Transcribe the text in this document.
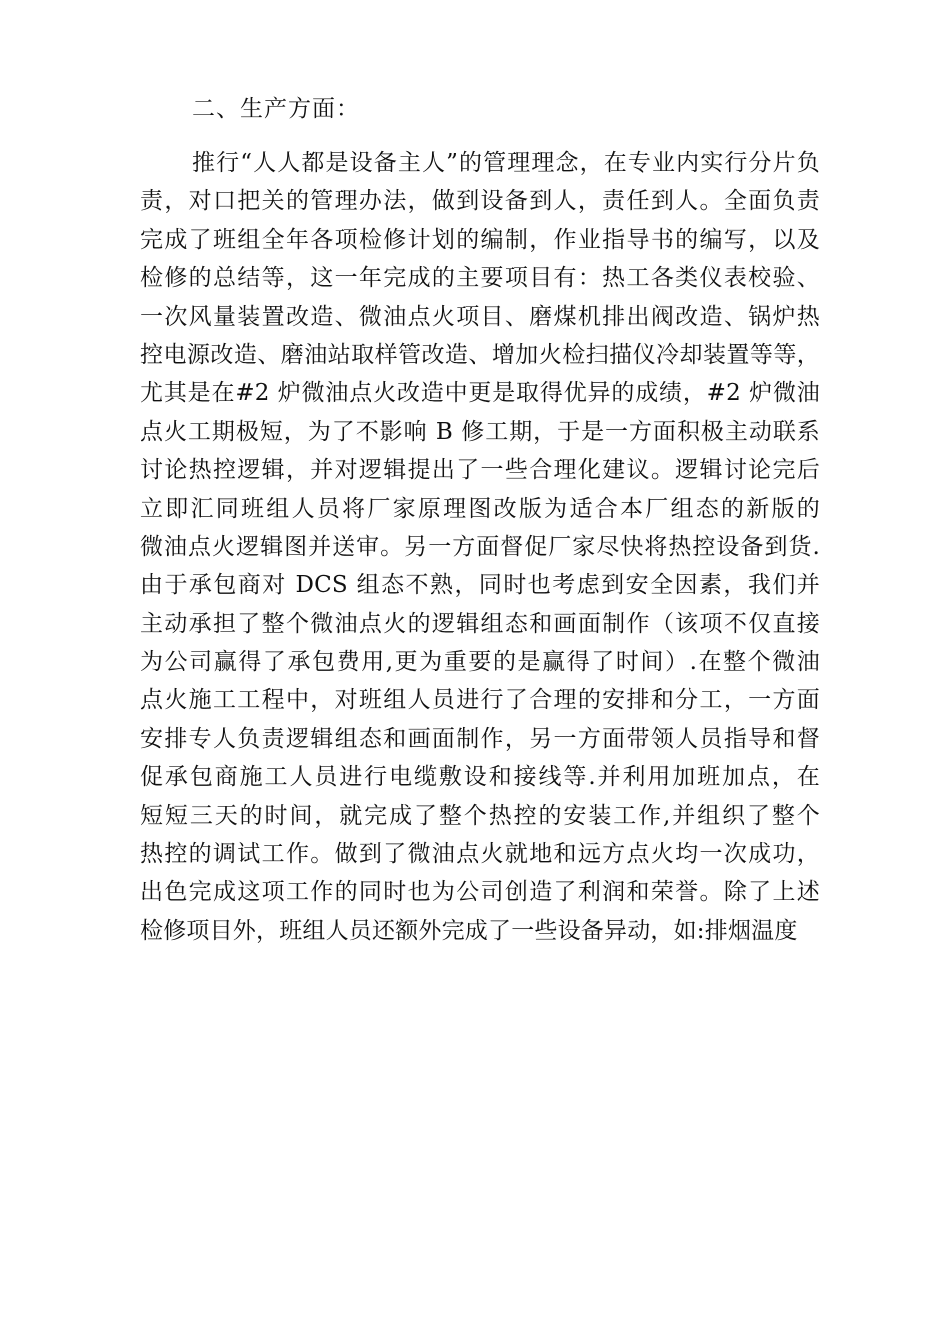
二、生产方面：
推行“人人都是设备主人”的管理理念，在专业内实行分片负
责，对口把关的管理办法，做到设备到人，责任到人。全面负责
完成了班组全年各项检修计划的编制，作业指导书的编写，以及
检修的总结等，这一年完成的主要项目有：热工各类仪表校验、
一次风量装置改造、微油点火项目、磨煤机排出阀改造、锅炉热
控电源改造、磨油站取样管改造、增加火检扫描仪冷却装置等等，
尤其是在#2 炉微油点火改造中更是取得优异的成绩，#2 炉微油
点火工期极短，为了不影响 B 修工期，于是一方面积极主动联系
讨论热控逻辑，并对逻辑提出了一些合理化建议。逻辑讨论完后
立即汇同班组人员将厂家原理图改版为适合本厂组态的新版的
微油点火逻辑图并送审。另一方面督促厂家尽快将热控设备到货.
由于承包商对 DCS 组态不熟，同时也考虑到安全因素，我们并
主动承担了整个微油点火的逻辑组态和画面制作（该项不仅直接
为公司赢得了承包费用,更为重要的是赢得了时间）.在整个微油
点火施工工程中，对班组人员进行了合理的安排和分工，一方面
安排专人负责逻辑组态和画面制作，另一方面带领人员指导和督
促承包商施工人员进行电缆敷设和接线等.并利用加班加点，在
短短三天的时间，就完成了整个热控的安装工作,并组织了整个
热控的调试工作。做到了微油点火就地和远方点火均一次成功，
出色完成这项工作的同时也为公司创造了利润和荣誉。除了上述
检修项目外，班组人员还额外完成了一些设备异动，如:排烟温度
